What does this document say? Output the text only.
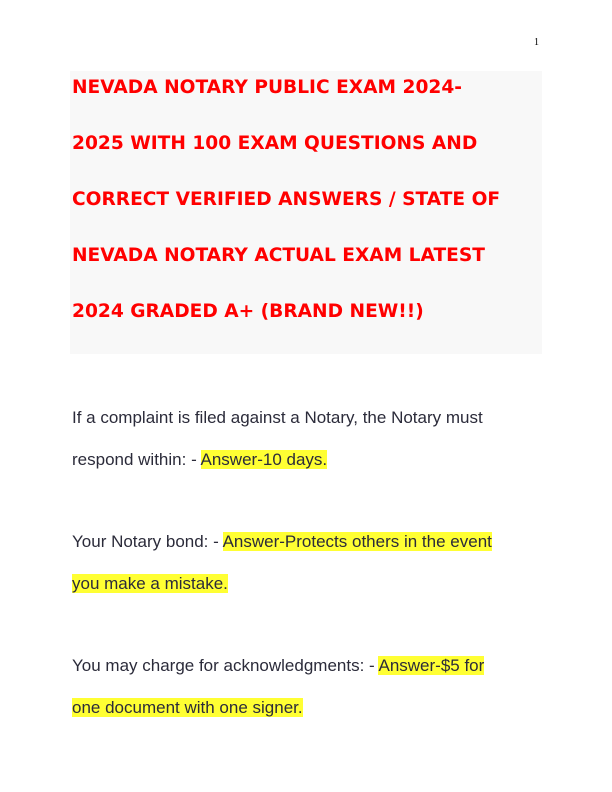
1
NEVADA NOTARY PUBLIC EXAM 2024-
2025 WITH 100 EXAM QUESTIONS AND
CORRECT VERIFIED ANSWERS / STATE OF
NEVADA NOTARY ACTUAL EXAM LATEST
2024 GRADED A+ (BRAND NEW!!)
If a complaint is filed against a Notary, the Notary must
respond within: - Answer-10 days.
Your Notary bond: - Answer-Protects others in the event
you make a mistake.
You may charge for acknowledgments: - Answer-$5 for
one document with one signer.
